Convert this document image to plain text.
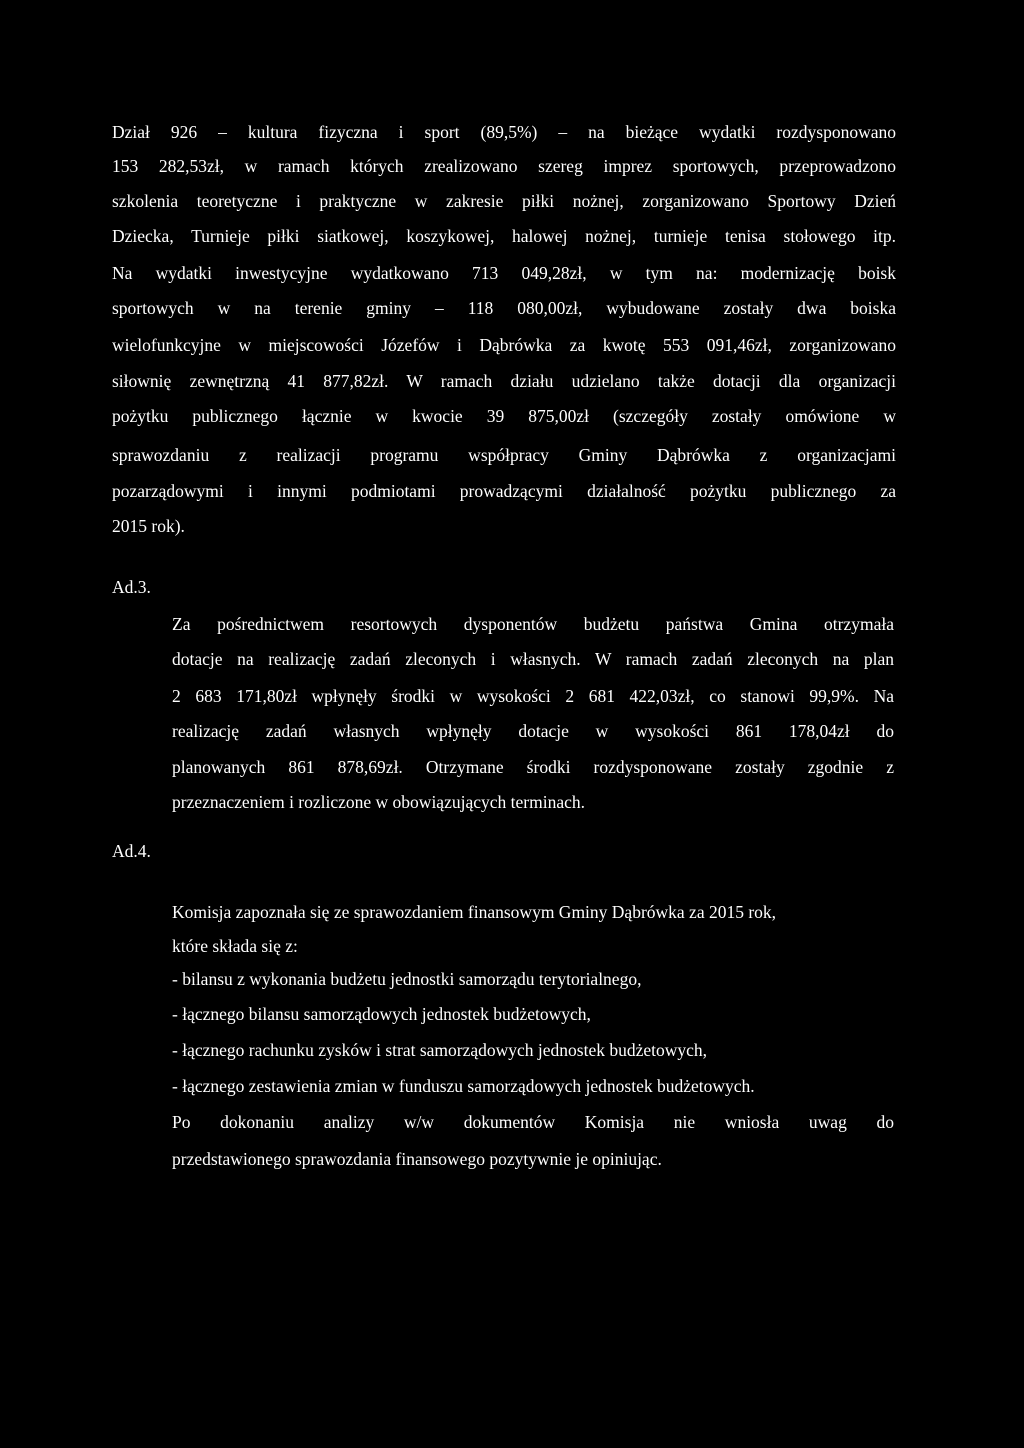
Dział 926 – kultura fizyczna i sport (89,5%) – na bieżące wydatki rozdysponowano
153 282,53zł, w ramach których zrealizowano szereg imprez sportowych, przeprowadzono
szkolenia teoretyczne i praktyczne w zakresie piłki nożnej, zorganizowano Sportowy Dzień
Dziecka, Turnieje piłki siatkowej, koszykowej, halowej nożnej, turnieje tenisa stołowego itp.
Na wydatki inwestycyjne wydatkowano 713 049,28zł, w tym na: modernizację boisk
sportowych w na terenie gminy – 118 080,00zł, wybudowane zostały dwa boiska
wielofunkcyjne w miejscowości Józefów i Dąbrówka za kwotę 553 091,46zł, zorganizowano
siłownię zewnętrzną 41 877,82zł. W ramach działu udzielano także dotacji dla organizacji
pożytku publicznego łącznie w kwocie 39 875,00zł (szczegóły zostały omówione w
sprawozdaniu z realizacji programu współpracy Gminy Dąbrówka z organizacjami
pozarządowymi i innymi podmiotami prowadzącymi działalność pożytku publicznego za
2015 rok).
Ad.3.
Za pośrednictwem resortowych dysponentów budżetu państwa Gmina otrzymała
dotacje na realizację zadań zleconych i własnych. W ramach zadań zleconych na plan
2 683 171,80zł wpłynęły środki w wysokości 2 681 422,03zł, co stanowi 99,9%. Na
realizację zadań własnych wpłynęły dotacje w wysokości 861 178,04zł do
planowanych 861 878,69zł. Otrzymane środki rozdysponowane zostały zgodnie z
przeznaczeniem i rozliczone w obowiązujących terminach.
Ad.4.
Komisja zapoznała się ze sprawozdaniem finansowym Gminy Dąbrówka za 2015 rok,
które składa się z:
- bilansu z wykonania budżetu jednostki samorządu terytorialnego,
- łącznego bilansu samorządowych jednostek budżetowych,
- łącznego rachunku zysków i strat samorządowych jednostek budżetowych,
- łącznego zestawienia zmian w funduszu samorządowych jednostek budżetowych.
Po dokonaniu analizy w/w dokumentów Komisja nie wniosła uwag do
przedstawionego sprawozdania finansowego pozytywnie je opiniując.
